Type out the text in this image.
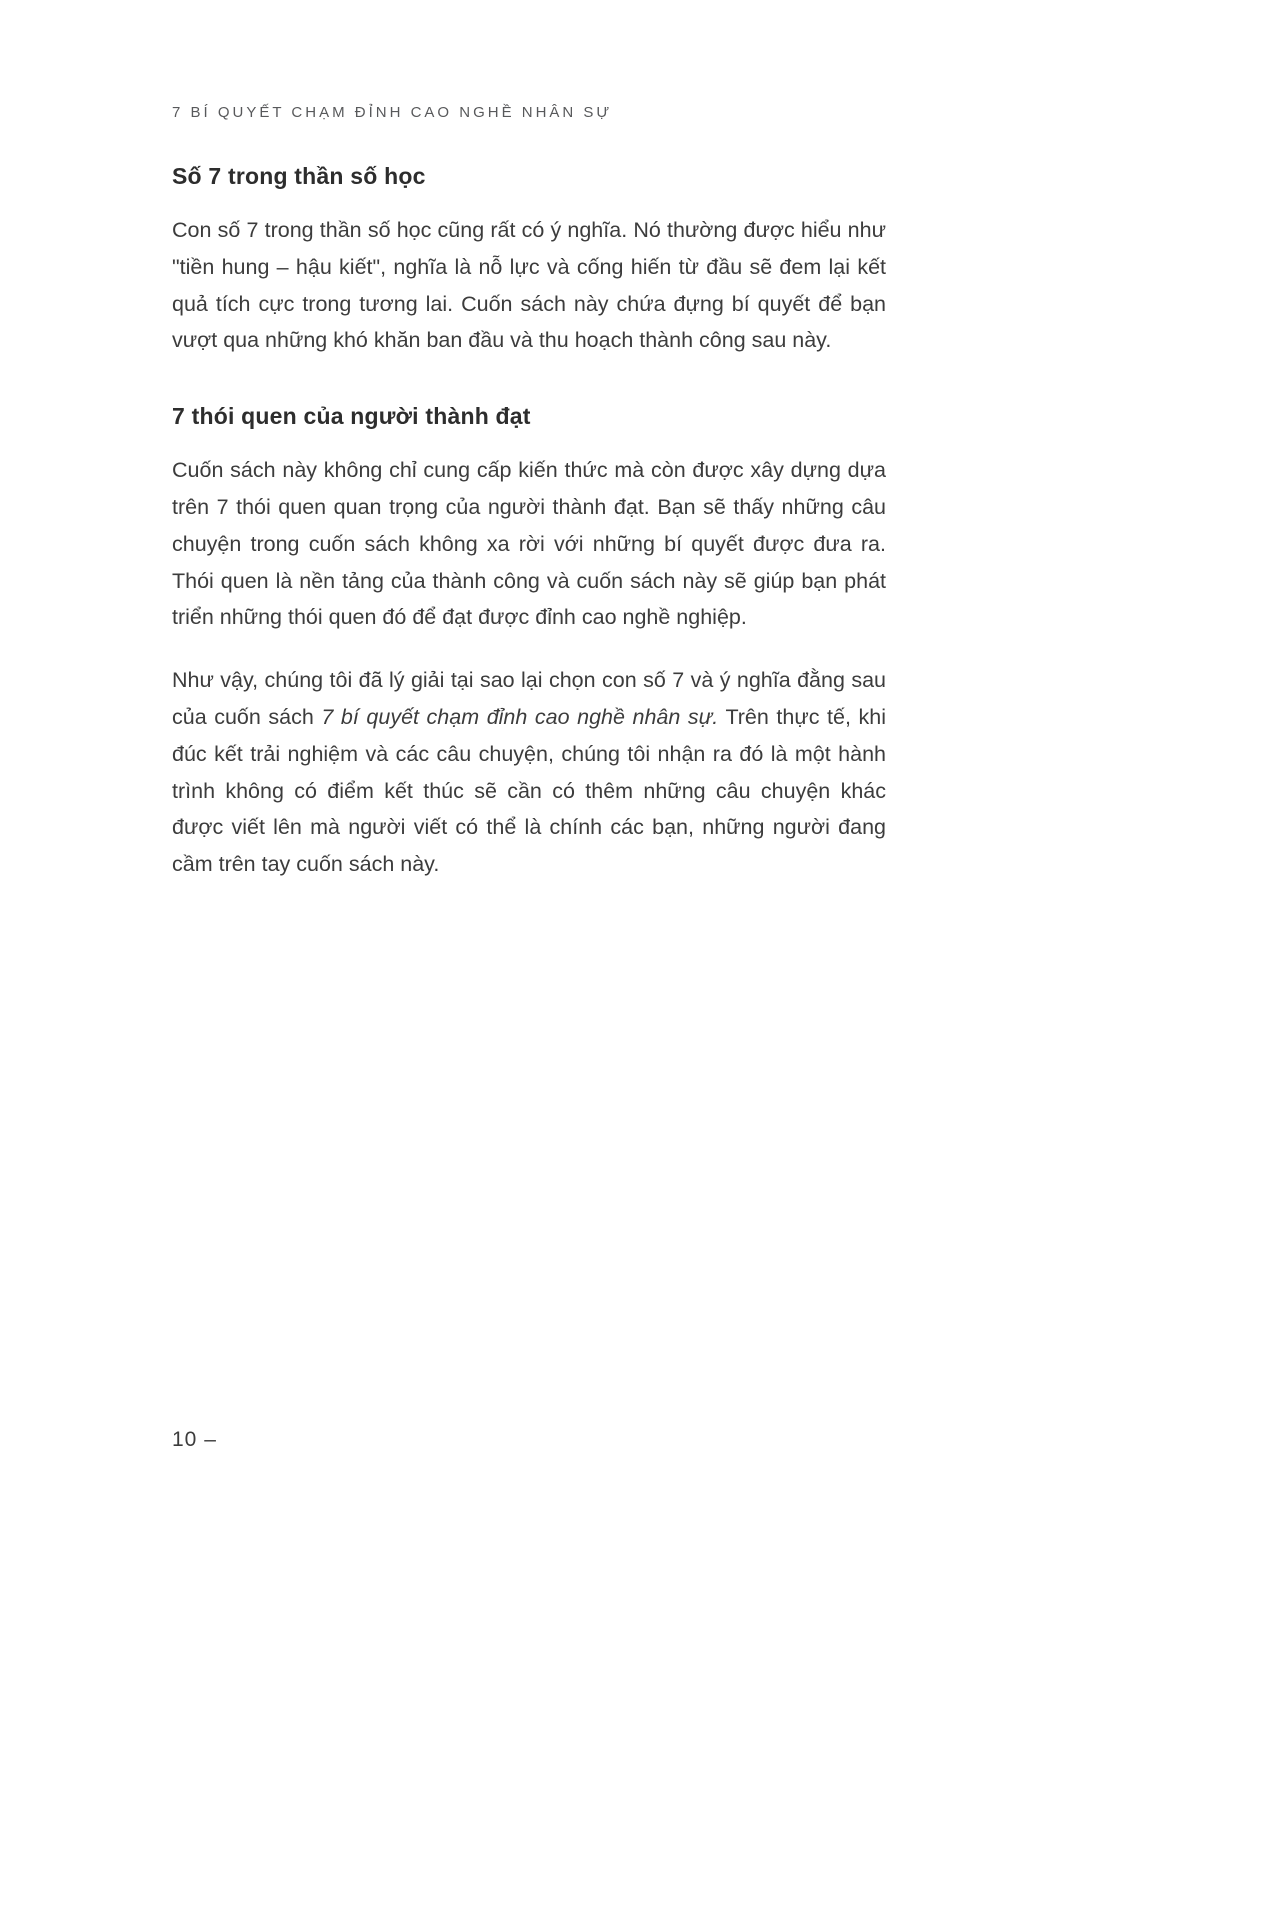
7 BÍ QUYẾT CHẠM ĐỈNH CAO NGHỀ NHÂN SỰ
Số 7 trong thần số học

Con số 7 trong thần số học cũng rất có ý nghĩa. Nó thường được hiểu như "tiền hung – hậu kiết", nghĩa là nỗ lực và cống hiến từ đầu sẽ đem lại kết quả tích cực trong tương lai. Cuốn sách này chứa đựng bí quyết để bạn vượt qua những khó khăn ban đầu và thu hoạch thành công sau này.

7 thói quen của người thành đạt

Cuốn sách này không chỉ cung cấp kiến thức mà còn được xây dựng dựa trên 7 thói quen quan trọng của người thành đạt. Bạn sẽ thấy những câu chuyện trong cuốn sách không xa rời với những bí quyết được đưa ra. Thói quen là nền tảng của thành công và cuốn sách này sẽ giúp bạn phát triển những thói quen đó để đạt được đỉnh cao nghề nghiệp.

Như vậy, chúng tôi đã lý giải tại sao lại chọn con số 7 và ý nghĩa đằng sau của cuốn sách 7 bí quyết chạm đỉnh cao nghề nhân sự. Trên thực tế, khi đúc kết trải nghiệm và các câu chuyện, chúng tôi nhận ra đó là một hành trình không có điểm kết thúc sẽ cần có thêm những câu chuyện khác được viết lên mà người viết có thể là chính các bạn, những người đang cầm trên tay cuốn sách này.

10 –
